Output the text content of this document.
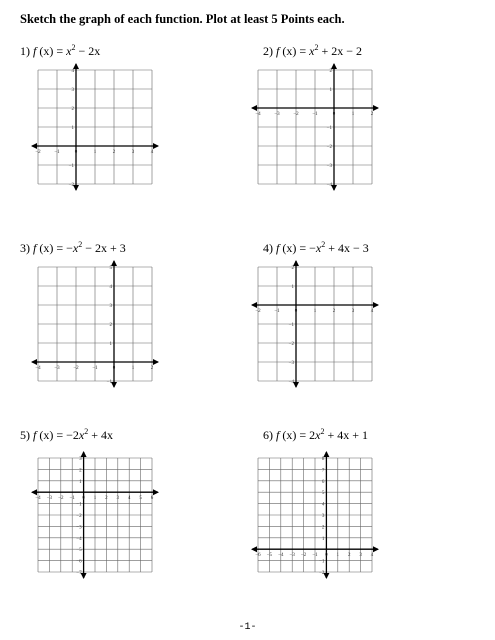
Sketch the graph of each function. Plot at least 5 Points each.
1) f $(x) = x^2 - 2x$
−2	−1	0	1	2	3	4
4
3
2
1
−1
−2
2) f $(x) = x^2 + 2x - 2$
−4	−3	−2	−1	0	1	2
2
1
−1
−2
−3
−4
3) f $(x) = -x^2 - 2x + 3$
−4	−3	−2	−1	0	1	2
5
4
3
2
1
−1
4) f $(x) = -x^2 + 4x - 3$
−2	−1	0	1	2	3	4
2
1
−1
−2
−3
−4
5) f $(x) = -2x^2 + 4x$
−4 −3 −2 −1 0 1 2 3 4 5 6
3
2
1
−1
−2
−3
−4
−5
−6
−7
6) f $(x) = 2x^2 + 4x + 1$
−6 −5 −4 −3 −2 −1 0 1 2 3 4
8
7
6
5
4
3
2
1
−1
−2
-1-
